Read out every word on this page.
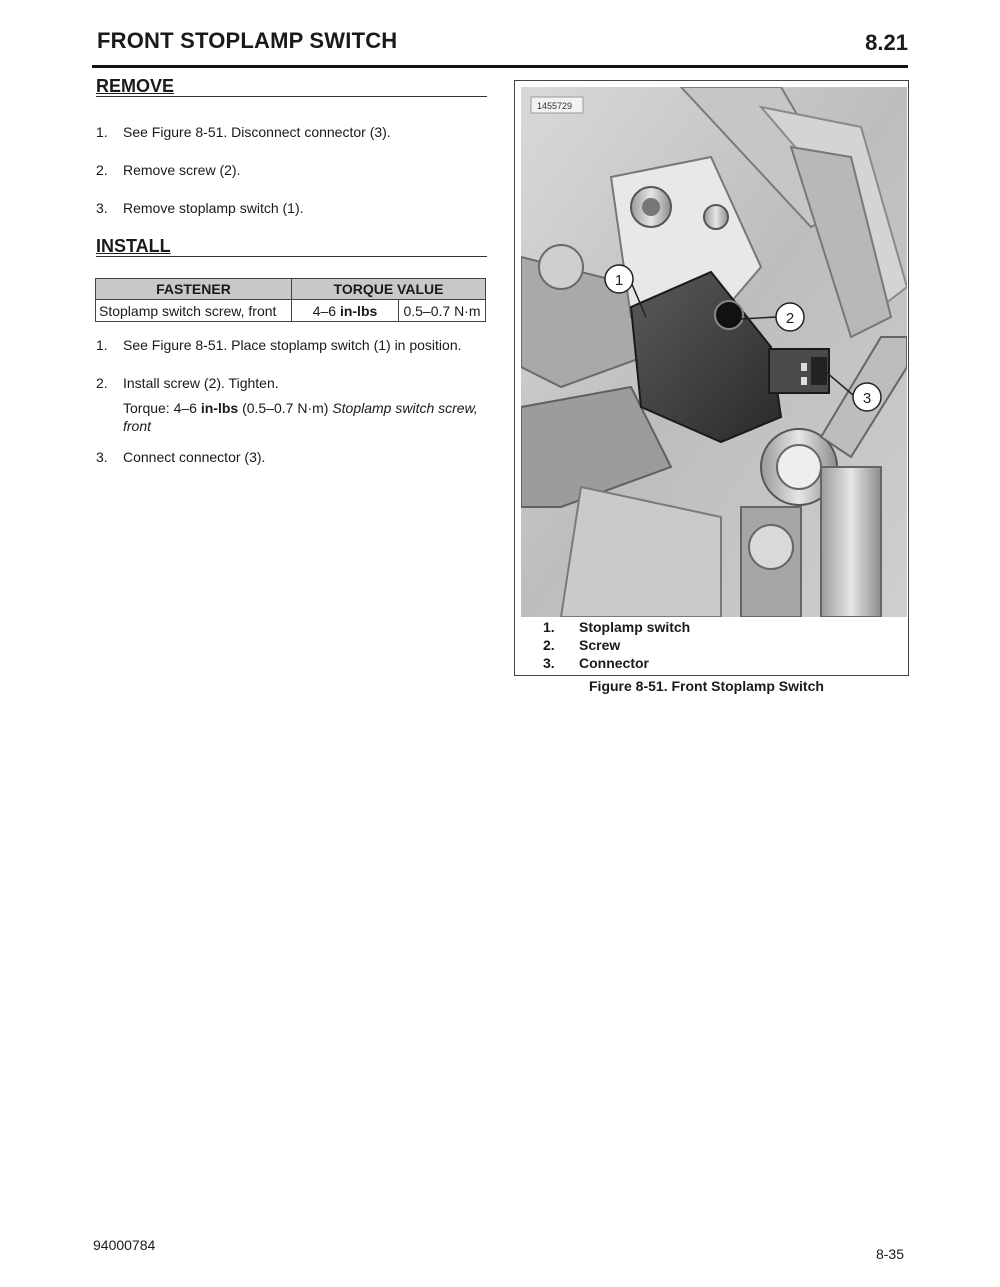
FRONT STOPLAMP SWITCH	8.21
REMOVE
1. See Figure 8-51. Disconnect connector (3).
2. Remove screw (2).
3. Remove stoplamp switch (1).
INSTALL
FASTENER	TORQUE VALUE	
Stoplamp switch screw, front	4–6 in-lbs	0.5–0.7 N·m
1. See Figure 8-51. Place stoplamp switch (1) in position.
2. Install screw (2). Tighten.
Torque: 4–6 in-lbs (0.5–0.7 N·m) Stoplamp switch screw, front
3. Connect connector (3).
1455729
1
2
3
1. Stoplamp switch
2. Screw
3. Connector
Figure 8-51. Front Stoplamp Switch
94000784
8-35
